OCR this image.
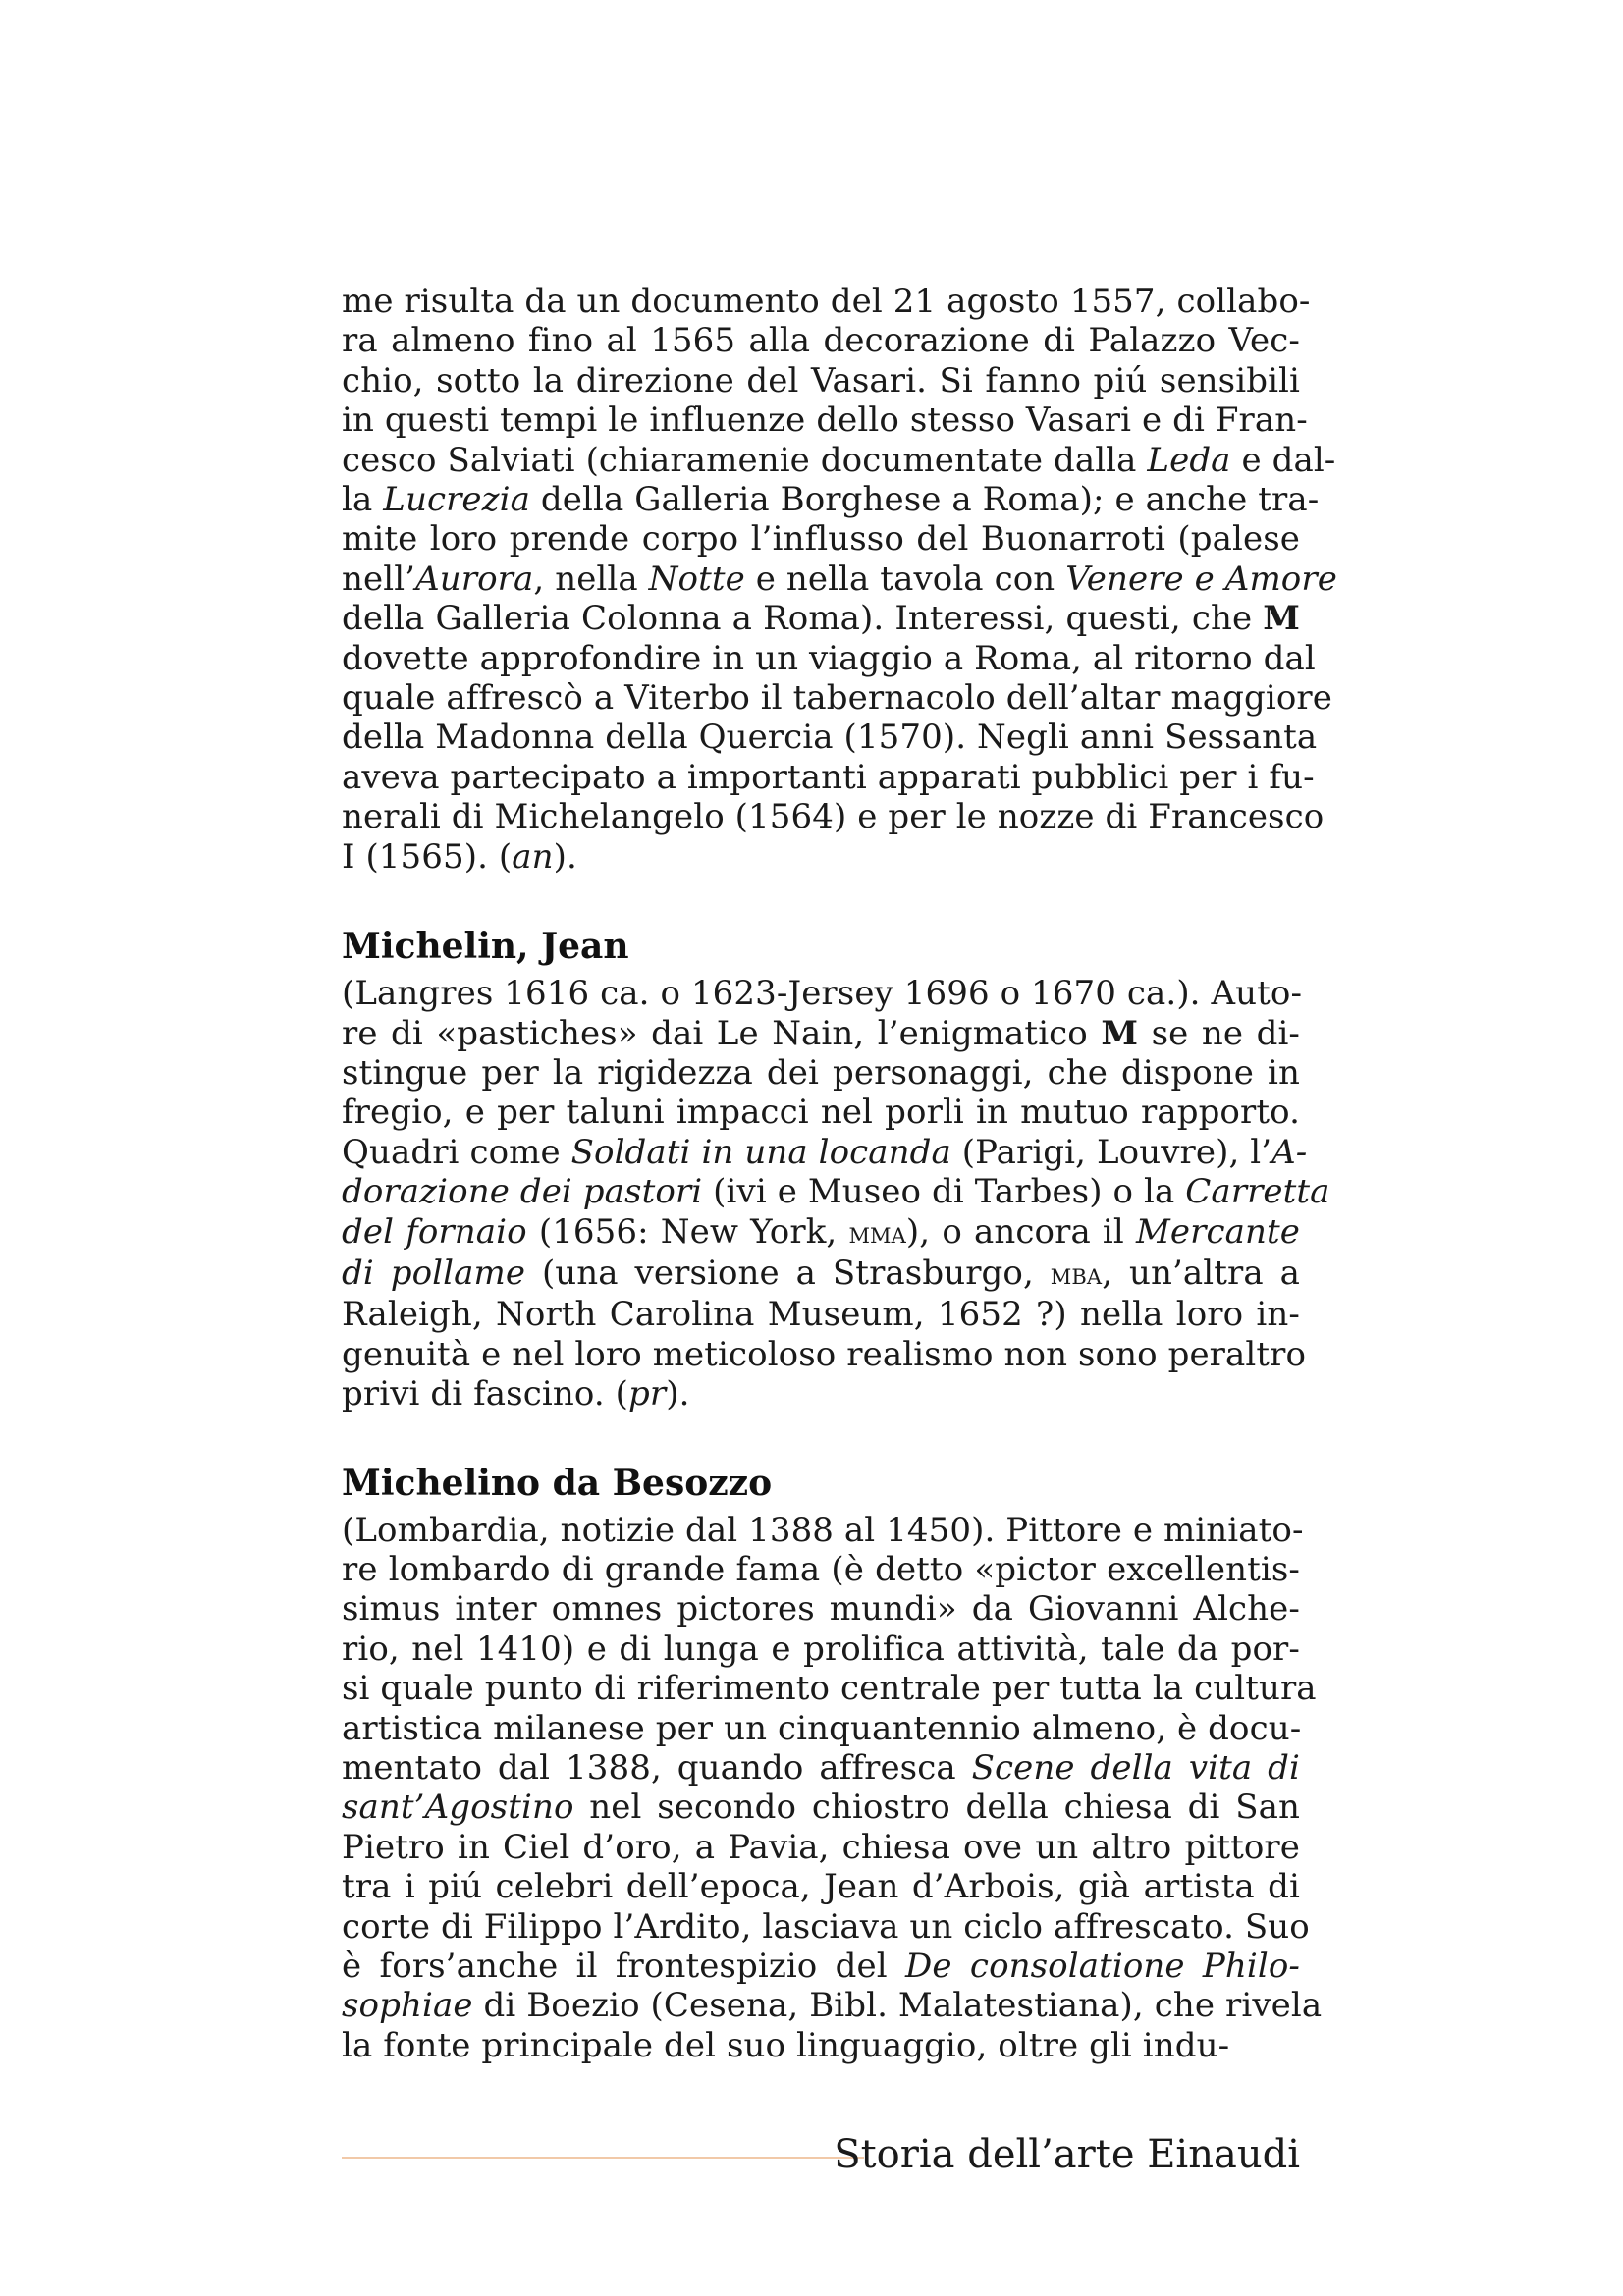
me risulta da un documento del 21 agosto 1557, collabo-
ra almeno fino al 1565 alla decorazione di Palazzo Vec-
chio, sotto la direzione del Vasari. Si fanno piú sensibili
in questi tempi le influenze dello stesso Vasari e di Fran-
cesco Salviati (chiaramenie documentate dalla Leda e dal-
la Lucrezia della Galleria Borghese a Roma); e anche tra-
mite loro prende corpo l’influsso del Buonarroti (palese
nell’Aurora, nella Notte e nella tavola con Venere e Amore
della Galleria Colonna a Roma). Interessi, questi, che M
dovette approfondire in un viaggio a Roma, al ritorno dal
quale affrescò a Viterbo il tabernacolo dell’altar maggiore
della Madonna della Quercia (1570). Negli anni Sessanta
aveva partecipato a importanti apparati pubblici per i fu-
nerali di Michelangelo (1564) e per le nozze di Francesco
I (1565). (an).

Michelin, Jean

(Langres 1616 ca. o 1623-Jersey 1696 o 1670 ca.). Auto-
re di «pastiches» dai Le Nain, l’enigmatico M se ne di-
stingue per la rigidezza dei personaggi, che dispone in
fregio, e per taluni impacci nel porli in mutuo rapporto.
Quadri come Soldati in una locanda (Parigi, Louvre), l’A-
dorazione dei pastori (ivi e Museo di Tarbes) o la Carretta
del fornaio (1656: New York, mma), o ancora il Mercante
di pollame (una versione a Strasburgo, mba, un’altra a
Raleigh, North Carolina Museum, 1652 ?) nella loro in-
genuità e nel loro meticoloso realismo non sono peraltro
privi di fascino. (pr).

Michelino da Besozzo

(Lombardia, notizie dal 1388 al 1450). Pittore e miniato-
re lombardo di grande fama (è detto «pictor excellentis-
simus inter omnes pictores mundi» da Giovanni Alche-
rio, nel 1410) e di lunga e prolifica attività, tale da por-
si quale punto di riferimento centrale per tutta la cultura
artistica milanese per un cinquantennio almeno, è docu-
mentato dal 1388, quando affresca Scene della vita di
sant’Agostino nel secondo chiostro della chiesa di San
Pietro in Ciel d’oro, a Pavia, chiesa ove un altro pittore
tra i piú celebri dell’epoca, Jean d’Arbois, già artista di
corte di Filippo l’Ardito, lasciava un ciclo affrescato. Suo
è fors’anche il frontespizio del De consolatione Philo-
sophiae di Boezio (Cesena, Bibl. Malatestiana), che rivela
la fonte principale del suo linguaggio, oltre gli indu-

Storia dell’arte Einaudi
